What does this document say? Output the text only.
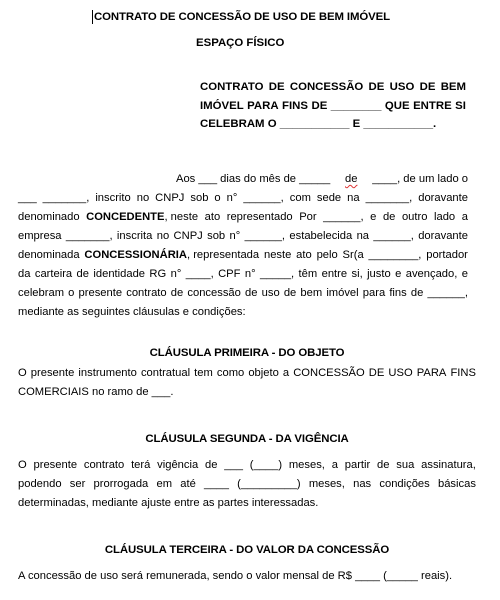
CONTRATO DE CONCESSÃO DE USO DE BEM IMÓVEL
ESPAÇO FÍSICO
CONTRATO DE CONCESSÃO DE USO DE BEM
IMÓVEL PARA FINS DE ________ QUE ENTRE SI
CELEBRAM O ___________ E ___________.
Aos ___ dias do mês de _____ de ____, de um lado o
___ _______, inscrito no CNPJ sob o n° ______, com sede na _______, doravante
denominado CONCEDENTE, neste ato representado Por ______, e de outro lado a
empresa _______, inscrita no CNPJ sob n° ______, estabelecida na ______, doravante
denominada CONCESSIONÁRIA, representada neste ato pelo Sr(a ________, portador
da carteira de identidade RG n° ____, CPF n° _____, têm entre si, justo e avençado, e
celebram o presente contrato de concessão de uso de bem imóvel para fins de ______,
mediante as seguintes cláusulas e condições:
CLÁUSULA PRIMEIRA - DO OBJETO
O presente instrumento contratual tem como objeto a CONCESSÃO DE USO PARA FINS
COMERCIAIS no ramo de ___.
CLÁUSULA SEGUNDA - DA VIGÊNCIA
O presente contrato terá vigência de ___ (____) meses, a partir de sua assinatura,
podendo ser prorrogada em até ____ (_________) meses, nas condições básicas
determinadas, mediante ajuste entre as partes interessadas.
CLÁUSULA TERCEIRA - DO VALOR DA CONCESSÃO
A concessão de uso será remunerada, sendo o valor mensal de R$ ____ (_____ reais).
